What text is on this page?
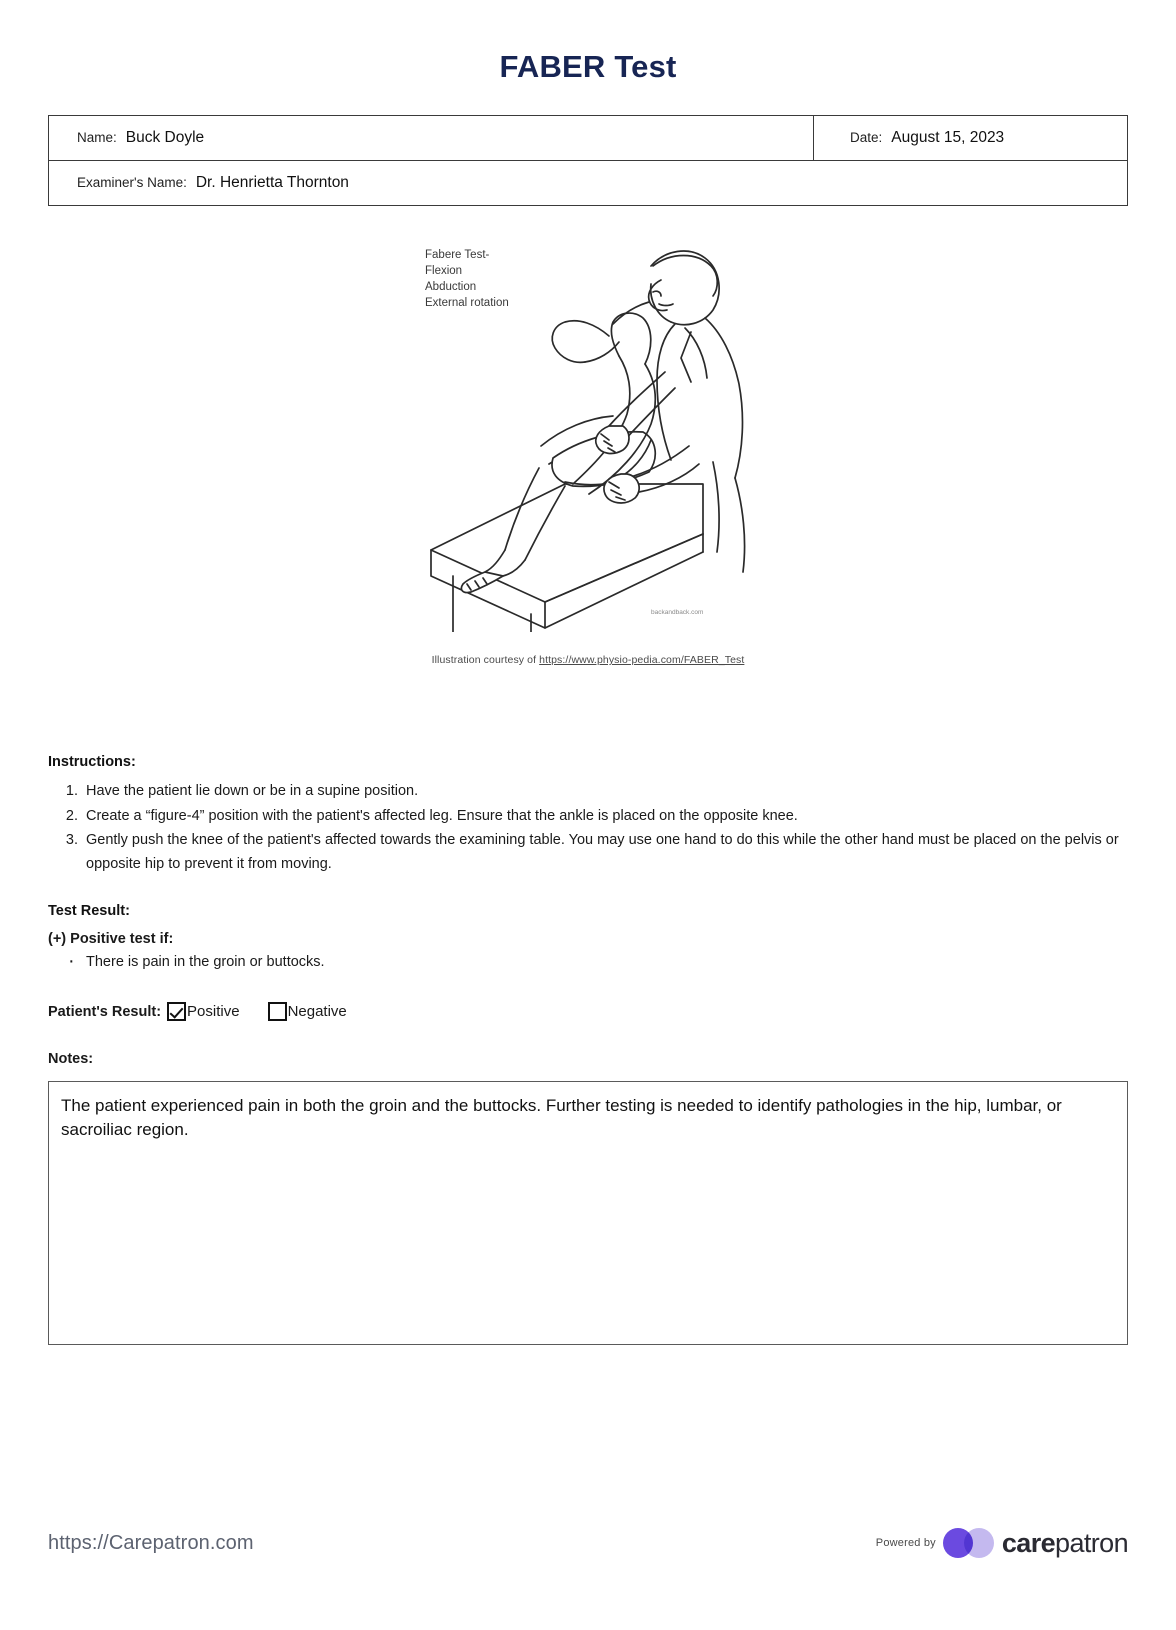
FABER Test
Name: Buck Doyle	Date: August 15, 2023

Examiner's Name: Dr. Henrietta Thornton
Fabere Test-
Flexion
Abduction
External rotation
backandback.com
Illustration courtesy of https://www.physio-pedia.com/FABER_Test
Instructions:
1. Have the patient lie down or be in a supine position.
2. Create a “figure-4” position with the patient's affected leg. Ensure that the ankle is placed on the opposite knee.
3. Gently push the knee of the patient's affected towards the examining table. You may use one hand to do this while the other hand must be placed on the pelvis or opposite hip to prevent it from moving.
Test Result:
(+) Positive test if:
· There is pain in the groin or buttocks.
Patient's Result: Positive	Negative
Notes:
The patient experienced pain in both the groin and the buttocks. Further testing is needed to identify pathologies in the hip, lumbar, or sacroiliac region.
https://Carepatron.com	Powered by carepatron
